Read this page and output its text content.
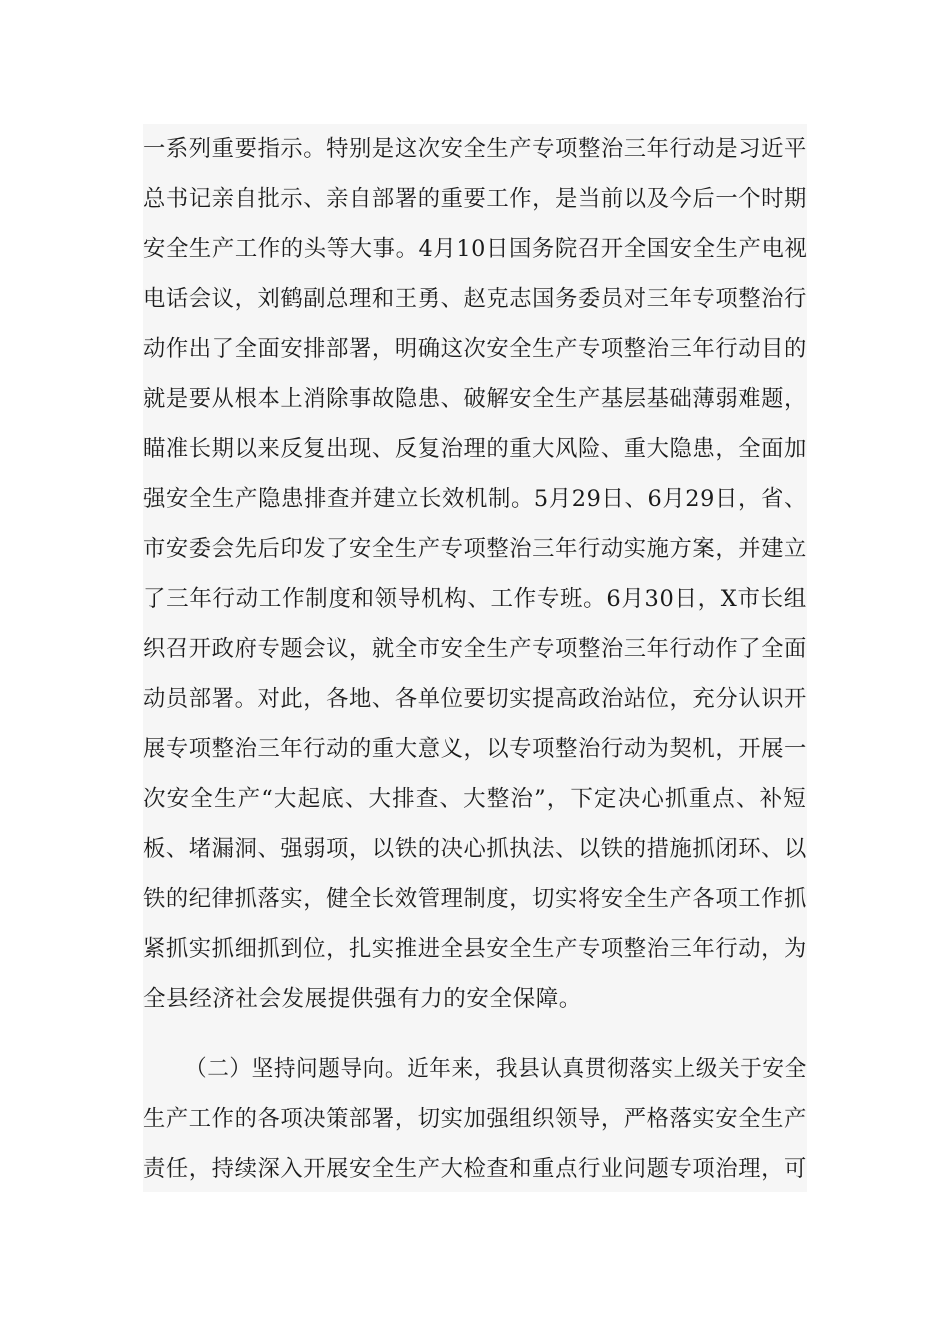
一系列重要指示。特别是这次安全生产专项整治三年行动是习近平
总书记亲自批示、亲自部署的重要工作，是当前以及今后一个时期
安全生产工作的头等大事。4月10日国务院召开全国安全生产电视
电话会议，刘鹤副总理和王勇、赵克志国务委员对三年专项整治行
动作出了全面安排部署，明确这次安全生产专项整治三年行动目的
就是要从根本上消除事故隐患、破解安全生产基层基础薄弱难题，
瞄准长期以来反复出现、反复治理的重大风险、重大隐患，全面加
强安全生产隐患排查并建立长效机制。5月29日、6月29日，省、
市安委会先后印发了安全生产专项整治三年行动实施方案，并建立
了三年行动工作制度和领导机构、工作专班。6月30日，X市长组
织召开政府专题会议，就全市安全生产专项整治三年行动作了全面
动员部署。对此，各地、各单位要切实提高政治站位，充分认识开
展专项整治三年行动的重大意义，以专项整治行动为契机，开展一
次安全生产“大起底、大排查、大整治”，下定决心抓重点、补短
板、堵漏洞、强弱项，以铁的决心抓执法、以铁的措施抓闭环、以
铁的纪律抓落实，健全长效管理制度，切实将安全生产各项工作抓
紧抓实抓细抓到位，扎实推进全县安全生产专项整治三年行动，为
全县经济社会发展提供强有力的安全保障。
（二）坚持问题导向。近年来，我县认真贯彻落实上级关于安全
生产工作的各项决策部署，切实加强组织领导，严格落实安全生产
责任，持续深入开展安全生产大检查和重点行业问题专项治理，可
